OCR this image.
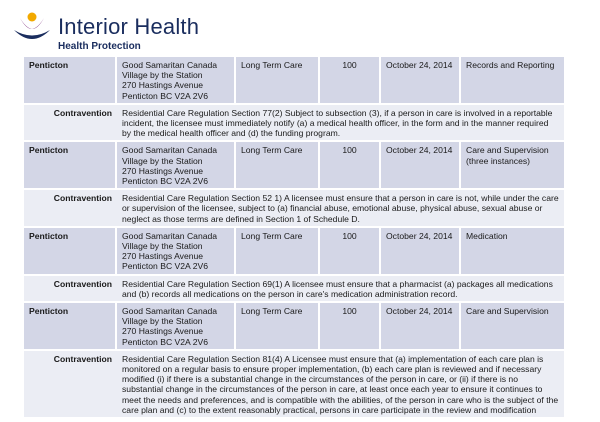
Interior Health
Health Protection
Penticton	Good Samaritan Canada
Village by the Station
270 Hastings Avenue
Penticton BC V2A 2V6	Long Term Care	100	October 24, 2014	Records and Reporting
Contravention	Residential Care Regulation Section 77(2) Subject to subsection (3), if a person in care is involved in a reportable incident, the licensee must immediately notify (a) a medical health officer, in the form and in the manner required by the medical health officer and (d) the funding program.				
Penticton	Good Samaritan Canada
Village by the Station
270 Hastings Avenue
Penticton BC V2A 2V6	Long Term Care	100	October 24, 2014	Care and Supervision (three instances)
Contravention	Residential Care Regulation Section 52 1) A licensee must ensure that a person in care is not, while under the care or supervision of the licensee, subject to (a) financial abuse, emotional abuse, physical abuse, sexual abuse or neglect as those terms are defined in Section 1 of Schedule D.				
Penticton	Good Samaritan Canada
Village by the Station
270 Hastings Avenue
Penticton BC V2A 2V6	Long Term Care	100	October 24, 2014	Medication
Contravention	Residential Care Regulation Section 69(1) A licensee must ensure that a pharmacist (a) packages all medications and (b) records all medications on the person in care's medication administration record.				
Penticton	Good Samaritan Canada
Village by the Station
270 Hastings Avenue
Penticton BC V2A 2V6	Long Term Care	100	October 24, 2014	Care and Supervision
Contravention	Residential Care Regulation Section 81(4) A Licensee must ensure that (a) implementation of each care plan is monitored on a regular basis to ensure proper implementation, (b) each care plan is reviewed and if necessary modified (i) if there is a substantial change in the circumstances of the person in care, or (ii) if there is no substantial change in the circumstances of the person in care, at least once each year to ensure it continues to meet the needs and preferences, and is compatible with the abilities, of the person in care who is the subject of the care plan and (c) to the extent reasonably practical, persons in care participate in the review and modification				
